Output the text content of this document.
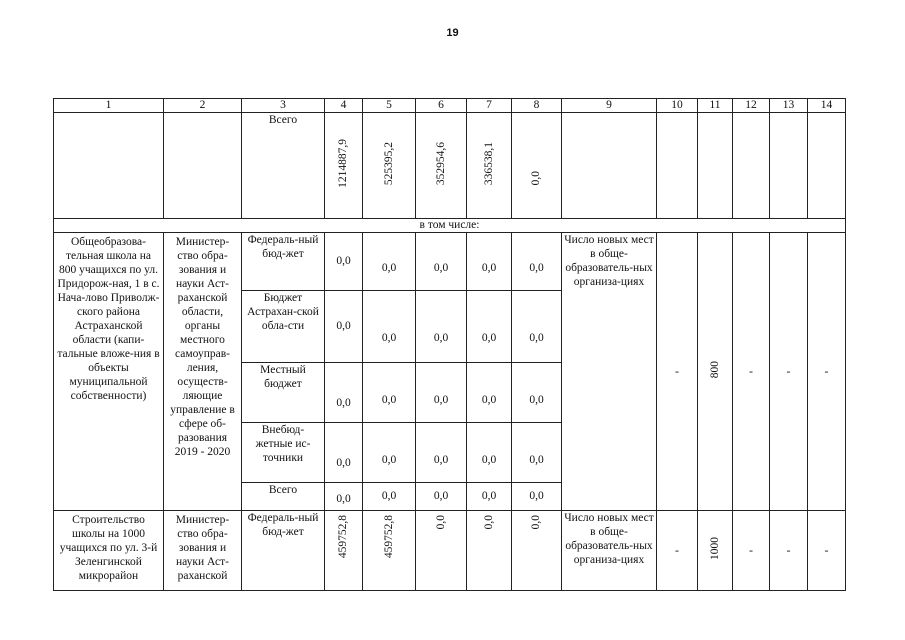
19
1	2	3	4	5	6	7	8	9	10	11	12	13	14
		Всего	1214887,9	525395,2	352954,6	336538,1	0,0						
в том числе:													
Общеобразова-тельная школа на 800 учащихся по ул. Придорож-ная, 1 в с. Нача-лово Приволж-ского района Астраханской области (капи-тальные вложе-ния в объекты муниципальной собственности)	Министер-ство обра-зования и науки Аст-раханской области, органы местного самоуправ-ления, осуществ-ляющие управление в сфере об-разования 2019 - 2020	Федераль-ный бюд-жет	0,0	0,0	0,0	0,0	0,0	Число новых мест в обще-образователь-ных организа-циях	-	800	-	-	-
		Бюджет Астрахан-ской обла-сти	0,0	0,0	0,0	0,0	0,0						
		Местный бюджет	0,0	0,0	0,0	0,0	0,0						
		Внебюд-жетные ис-точники	0,0	0,0	0,0	0,0	0,0						
		Всего	0,0	0,0	0,0	0,0	0,0						
Строительство школы на 1000 учащихся по ул. 3-й Зеленгинской микрорайон	Министер-ство обра-зования и науки Аст-раханской	Федераль-ный бюд-жет	459752,8	459752,8	0,0	0,0	0,0	Число новых мест в обще-образователь-ных организа-циях	-	1000	-	-	-
